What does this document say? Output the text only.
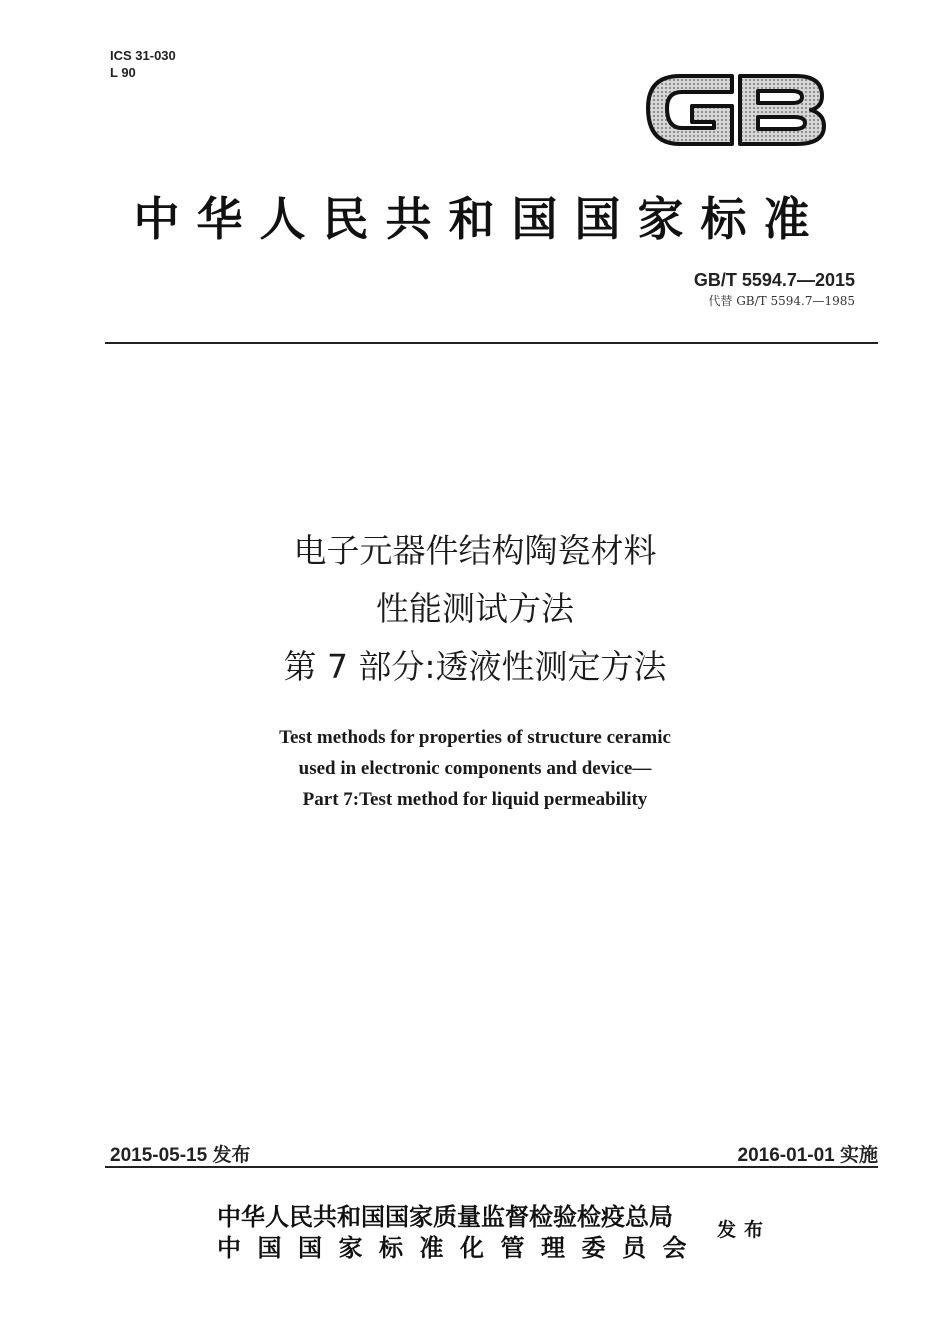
ICS 31-030
L 90
中华人民共和国国家标准
GB/T 5594.7—2015
代替 GB/T 5594.7—1985
电子元器件结构陶瓷材料
性能测试方法
第 7 部分:透液性测定方法
Test methods for properties of structure ceramic
used in electronic components and device—
Part 7:Test method for liquid permeability
2015-05-15 发布	2016-01-01 实施
中华人民共和国国家质量监督检验检疫总局
中国国家标准化管理委员会
发布
